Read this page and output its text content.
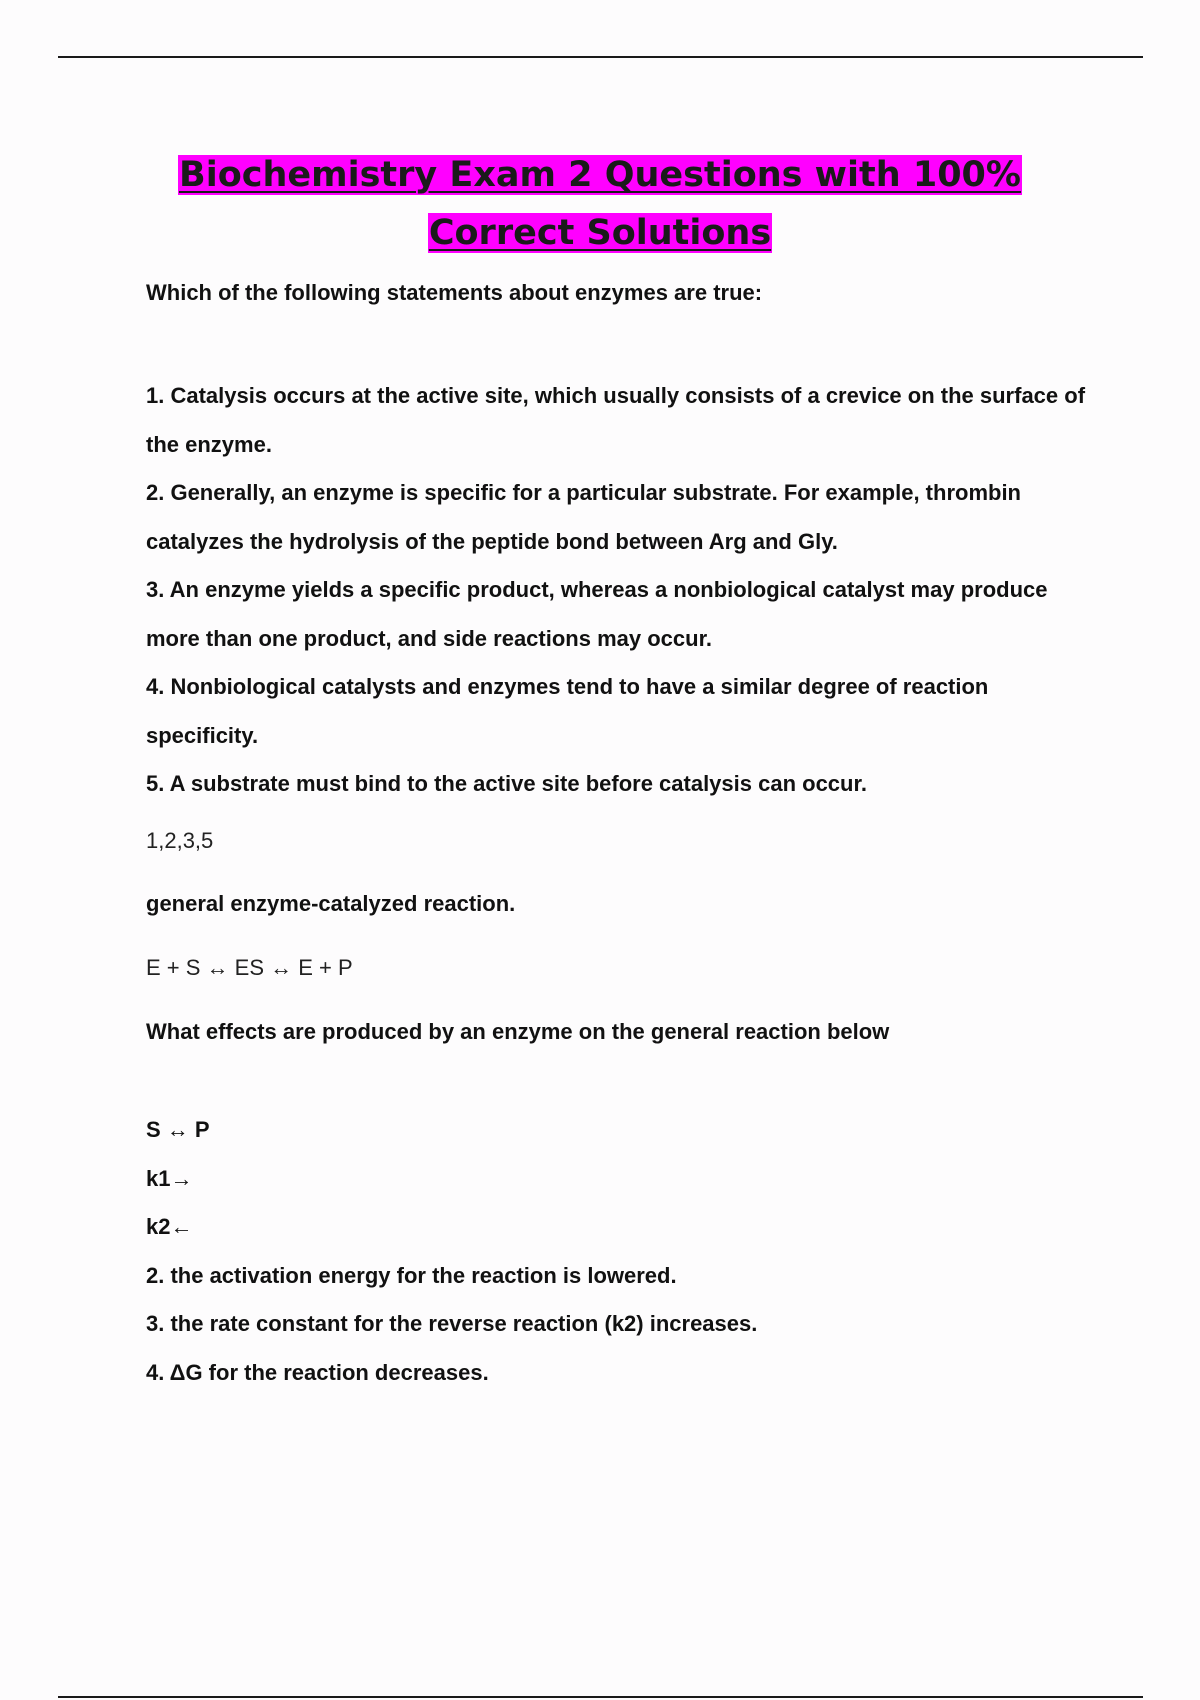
Biochemistry Exam 2 Questions with 100% Correct Solutions

Which of the following statements about enzymes are true:

1. Catalysis occurs at the active site, which usually consists of a crevice on the surface of the enzyme.
2. Generally, an enzyme is specific for a particular substrate. For example, thrombin catalyzes the hydrolysis of the peptide bond between Arg and Gly.
3. An enzyme yields a specific product, whereas a nonbiological catalyst may produce more than one product, and side reactions may occur.
4. Nonbiological catalysts and enzymes tend to have a similar degree of reaction specificity.
5. A substrate must bind to the active site before catalysis can occur.

1,2,3,5

general enzyme-catalyzed reaction.

E + S ↔ ES ↔ E + P

What effects are produced by an enzyme on the general reaction below

S ↔ P
k1→
k2←
2. the activation energy for the reaction is lowered.
3. the rate constant for the reverse reaction (k2) increases.
4. ΔG for the reaction decreases.
